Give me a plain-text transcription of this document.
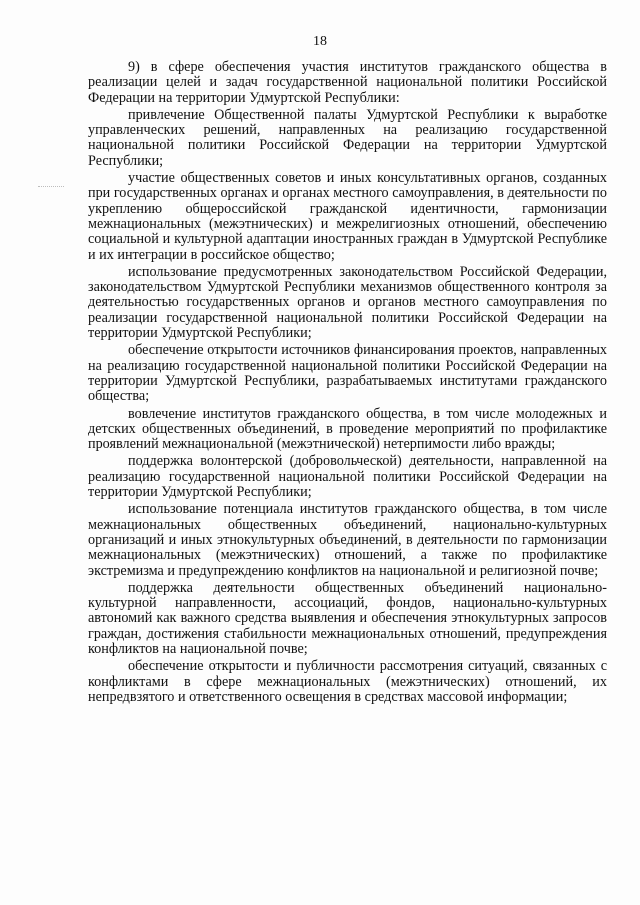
18

9) в сфере обеспечения участия институтов гражданского общества в реализации целей и задач государственной национальной политики Российской Федерации на территории Удмуртской Республики:

привлечение Общественной палаты Удмуртской Республики к выработке управленческих решений, направленных на реализацию государственной национальной политики Российской Федерации на территории Удмуртской Республики;

участие общественных советов и иных консультативных органов, созданных при государственных органах и органах местного самоуправления, в деятельности по укреплению общероссийской гражданской идентичности, гармонизации межнациональных (межэтнических) и межрелигиозных отношений, обеспечению социальной и культурной адаптации иностранных граждан в Удмуртской Республике и их интеграции в российское общество;

использование предусмотренных законодательством Российской Федерации, законодательством Удмуртской Республики механизмов общественного контроля за деятельностью государственных органов и органов местного самоуправления по реализации государственной национальной политики Российской Федерации на территории Удмуртской Республики;

обеспечение открытости источников финансирования проектов, направленных на реализацию государственной национальной политики Российской Федерации на территории Удмуртской Республики, разрабатываемых институтами гражданского общества;

вовлечение институтов гражданского общества, в том числе молодежных и детских общественных объединений, в проведение мероприятий по профилактике проявлений межнациональной (межэтнической) нетерпимости либо вражды;

поддержка волонтерской (добровольческой) деятельности, направленной на реализацию государственной национальной политики Российской Федерации на территории Удмуртской Республики;

использование потенциала институтов гражданского общества, в том числе межнациональных общественных объединений, национально-культурных организаций и иных этнокультурных объединений, в деятельности по гармонизации межнациональных (межэтнических) отношений, а также по профилактике экстремизма и предупреждению конфликтов на национальной и религиозной почве;

поддержка деятельности общественных объединений национально-культурной направленности, ассоциаций, фондов, национально-культурных автономий как важного средства выявления и обеспечения этнокультурных запросов граждан, достижения стабильности межнациональных отношений, предупреждения конфликтов на национальной почве;

обеспечение открытости и публичности рассмотрения ситуаций, связанных с конфликтами в сфере межнациональных (межэтнических) отношений, их непредвзятого и ответственного освещения в средствах массовой информации;
